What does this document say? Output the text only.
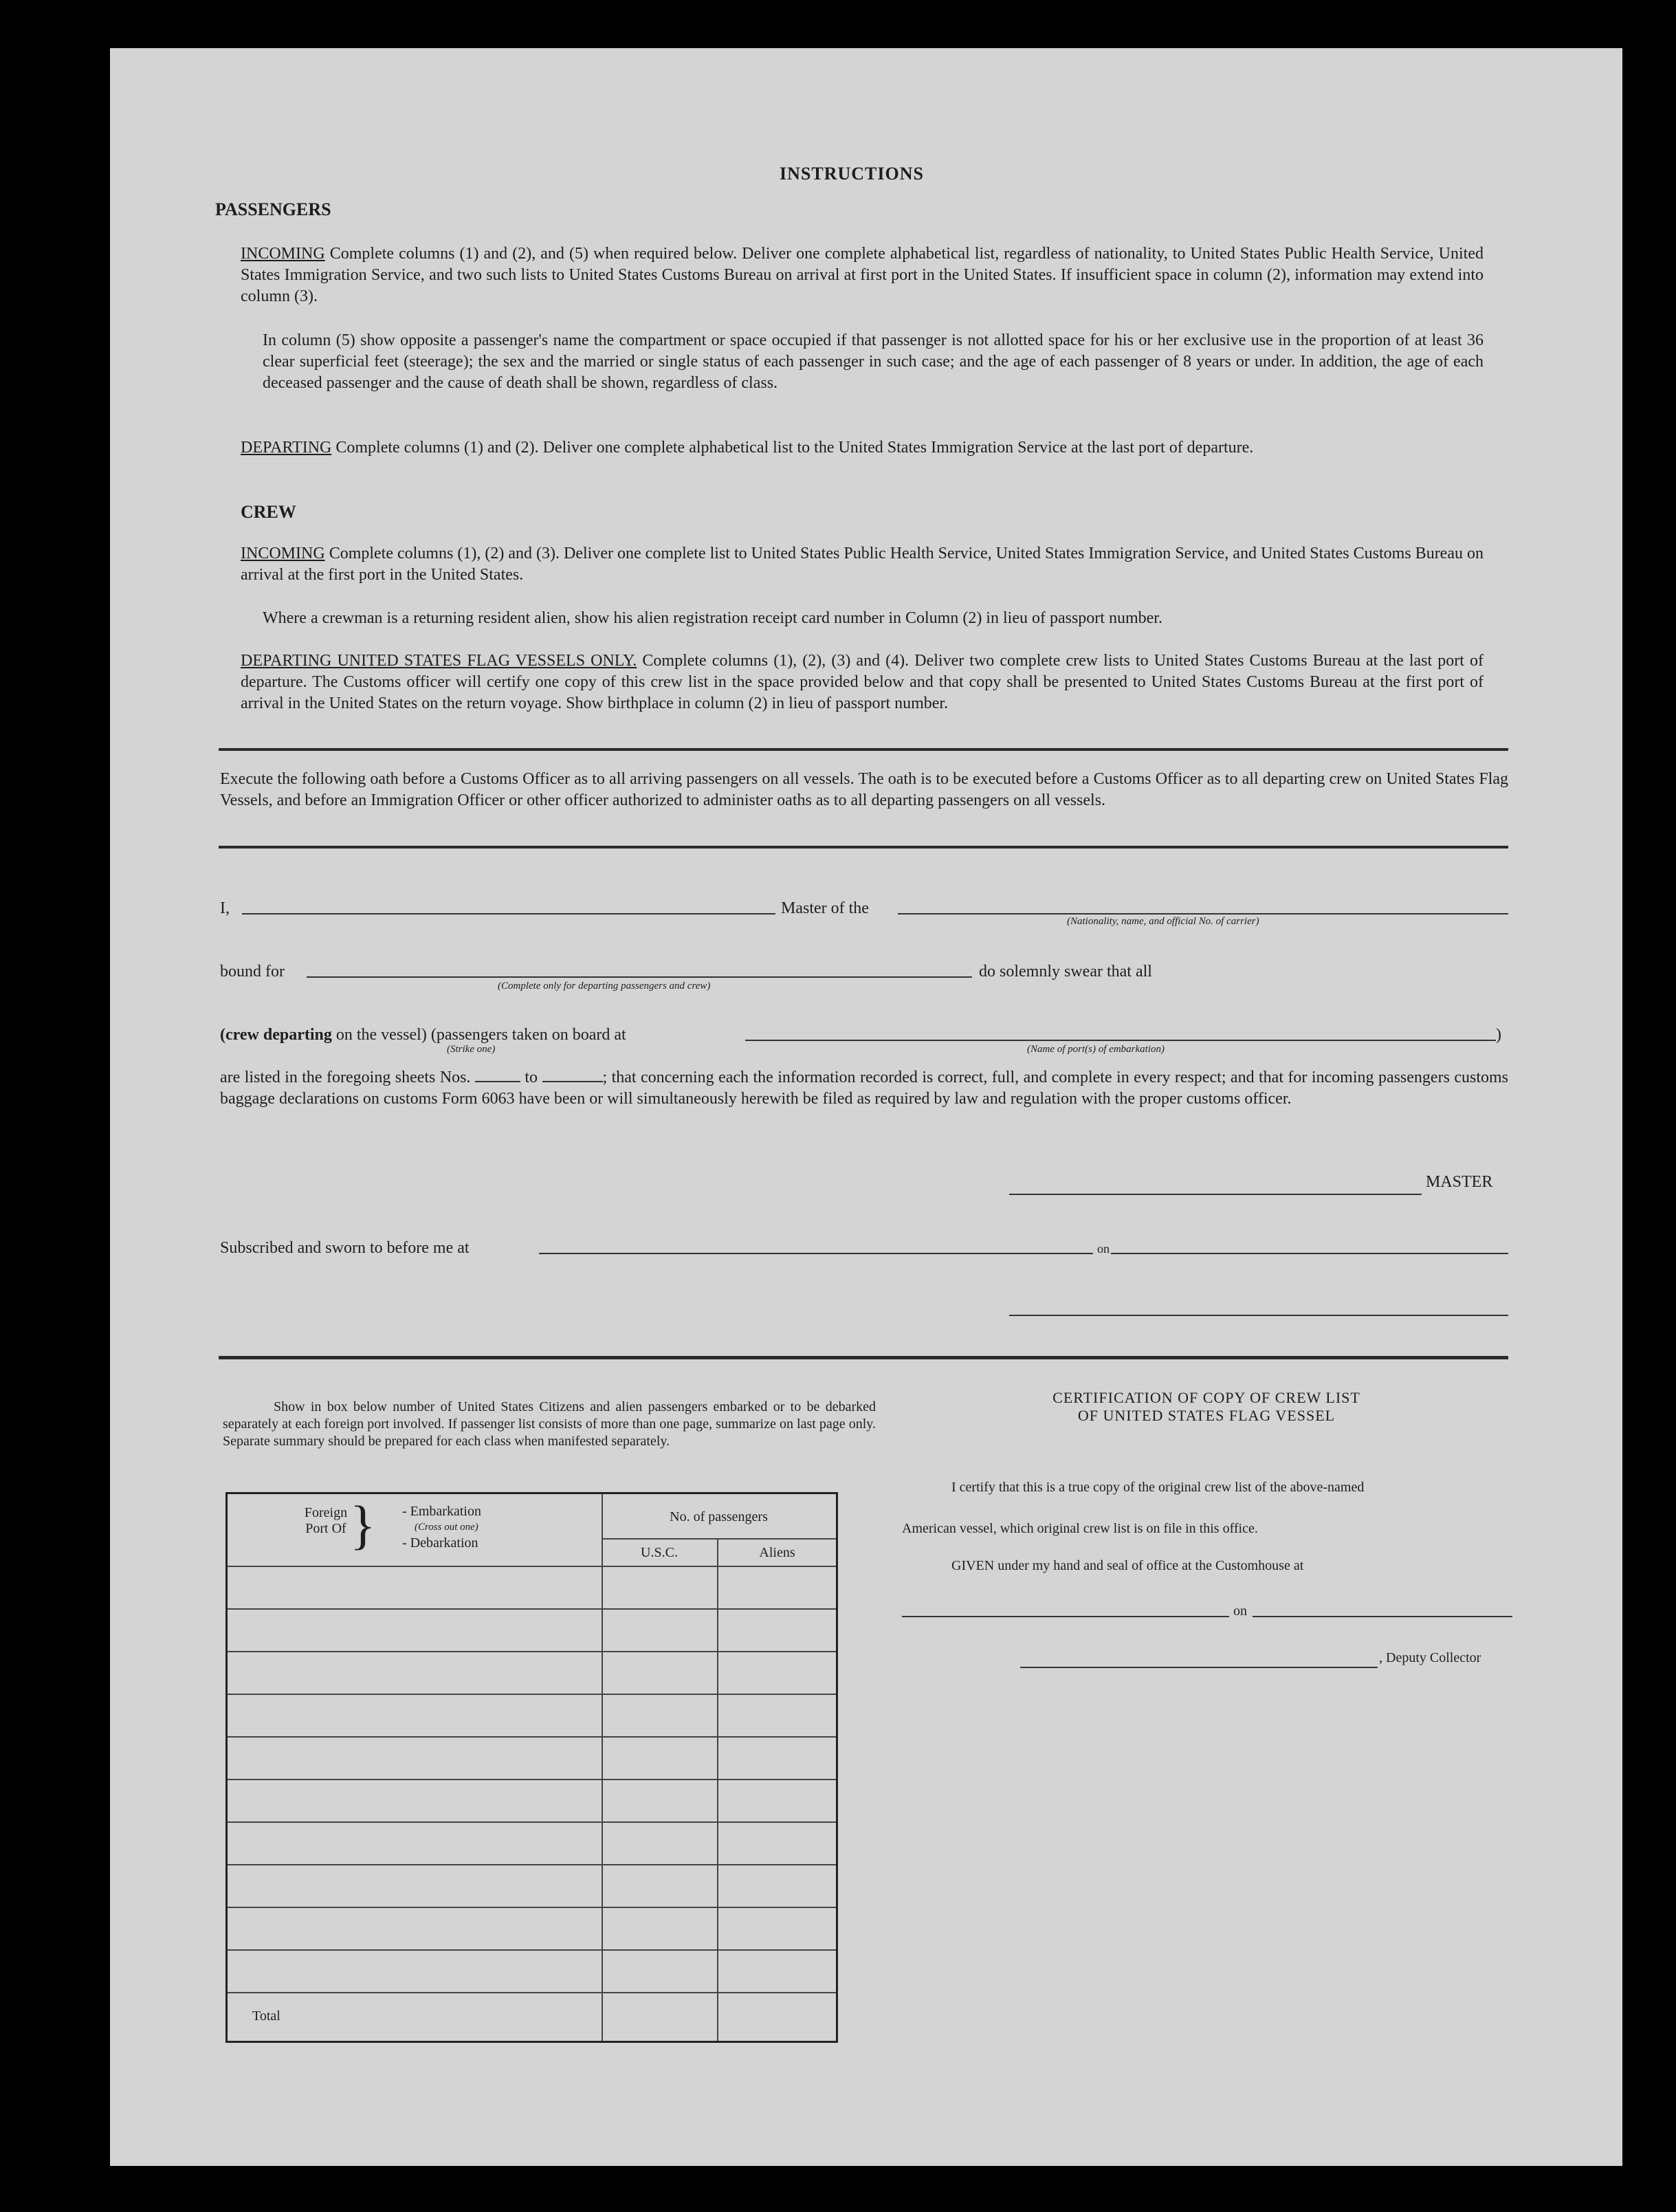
INSTRUCTIONS
PASSENGERS
INCOMING Complete columns (1) and (2), and (5) when required below. Deliver one complete alphabetical list, regardless of nationality, to United States Public Health Service, United States Immigration Service, and two such lists to United States Customs Bureau on arrival at first port in the United States. If insufficient space in column (2), information may extend into column (3).
In column (5) show opposite a passenger's name the compartment or space occupied if that passenger is not allotted space for his or her exclusive use in the proportion of at least 36 clear superficial feet (steerage); the sex and the married or single status of each passenger in such case; and the age of each passenger of 8 years or under. In addition, the age of each deceased passenger and the cause of death shall be shown, regardless of class.
DEPARTING Complete columns (1) and (2). Deliver one complete alphabetical list to the United States Immigration Service at the last port of departure.
CREW
INCOMING Complete columns (1), (2) and (3). Deliver one complete list to United States Public Health Service, United States Immigration Service, and United States Customs Bureau on arrival at the first port in the United States.
Where a crewman is a returning resident alien, show his alien registration receipt card number in Column (2) in lieu of passport number.
DEPARTING UNITED STATES FLAG VESSELS ONLY. Complete columns (1), (2), (3) and (4). Deliver two complete crew lists to United States Customs Bureau at the last port of departure. The Customs officer will certify one copy of this crew list in the space provided below and that copy shall be presented to United States Customs Bureau at the first port of arrival in the United States on the return voyage. Show birthplace in column (2) in lieu of passport number.
Execute the following oath before a Customs Officer as to all arriving passengers on all vessels. The oath is to be executed before a Customs Officer as to all departing crew on United States Flag Vessels, and before an Immigration Officer or other officer authorized to administer oaths as to all departing passengers on all vessels.
I,	Master of the
(Nationality, name, and official No. of carrier)
bound for
(Complete only for departing passengers and crew)
do solemnly swear that all
(crew departing on the vessel) (passengers taken on board at	)
(Strike one)	(Name of port(s) of embarkation)
are listed in the foregoing sheets Nos.	to	; that concerning each the information recorded is correct, full, and complete in every respect; and that for incoming passengers customs baggage declarations on customs Form 6063 have been or will simultaneously herewith be filed as required by law and regulation with the proper customs officer.
MASTER
Subscribed and sworn to before me at	on
Show in box below number of United States Citizens and alien passengers embarked or to be debarked separately at each foreign port involved. If passenger list consists of more than one page, summarize on last page only. Separate summary should be prepared for each class when manifested separately.
Foreign Port Of } - Embarkation
(Cross out one)
- Debarkation
No. of passengers
U.S.C.	Aliens
Total
CERTIFICATION OF COPY OF CREW LIST
OF UNITED STATES FLAG VESSEL
I certify that this is a true copy of the original crew list of the above-named
American vessel, which original crew list is on file in this office.
GIVEN under my hand and seal of office at the Customhouse at
on
, Deputy Collector
